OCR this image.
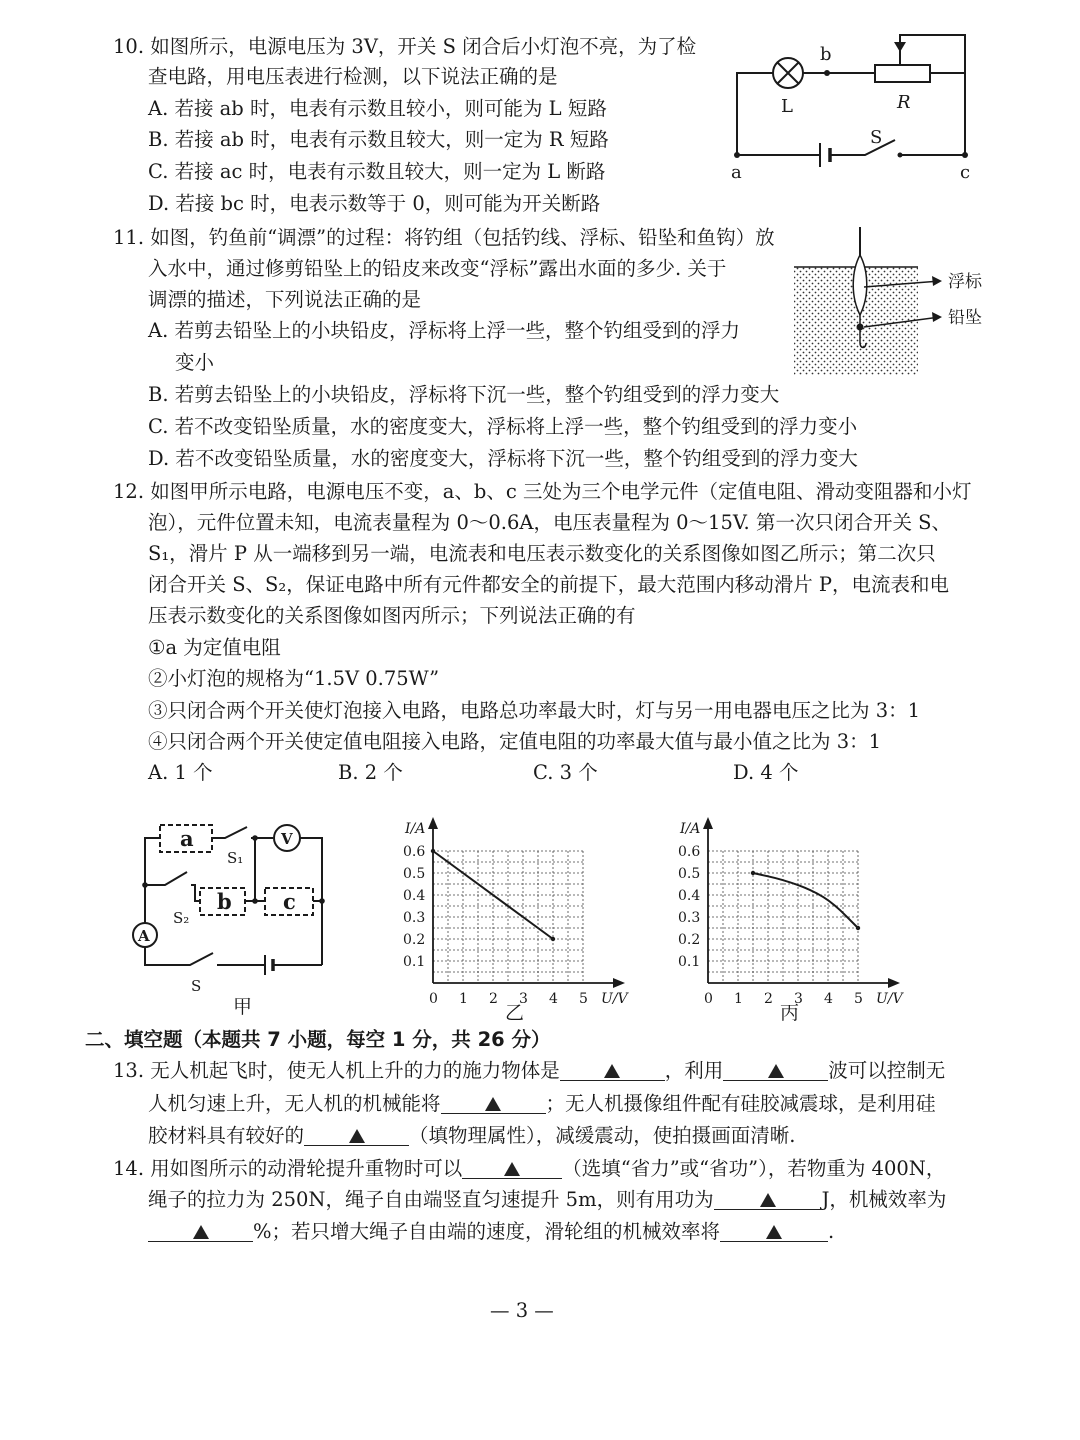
10. 如图所示，电源电压为 3V，开关 S 闭合后小灯泡不亮，为了检
查电路，用电压表进行检测，以下说法正确的是
A. 若接 ab 时，电表有示数且较小，则可能为 L 短路
B. 若接 ab 时，电表有示数且较大，则一定为 R 短路
C. 若接 ac 时，电表有示数且较大，则一定为 L 断路
D. 若接 bc 时，电表示数等于 0，则可能为开关断路
b
L	R
S
a	c
11. 如图，钓鱼前“调漂”的过程：将钓组（包括钓线、浮标、铅坠和鱼钩）放
入水中，通过修剪铅坠上的铅皮来改变“浮标”露出水面的多少. 关于
调漂的描述，下列说法正确的是
A. 若剪去铅坠上的小块铅皮，浮标将上浮一些，整个钓组受到的浮力
变小
B. 若剪去铅坠上的小块铅皮，浮标将下沉一些，整个钓组受到的浮力变大
C. 若不改变铅坠质量，水的密度变大，浮标将上浮一些，整个钓组受到的浮力变小
D. 若不改变铅坠质量，水的密度变大，浮标将下沉一些，整个钓组受到的浮力变大
浮标
铅坠
12. 如图甲所示电路，电源电压不变，a、b、c 三处为三个电学元件（定值电阻、滑动变阻器和小灯
泡），元件位置未知，电流表量程为 0～0.6A，电压表量程为 0～15V. 第一次只闭合开关 S、
S₁，滑片 P 从一端移到另一端，电流表和电压表示数变化的关系图像如图乙所示；第二次只
闭合开关 S、S₂，保证电路中所有元件都安全的前提下，最大范围内移动滑片 P，电流表和电
压表示数变化的关系图像如图丙所示；下列说法正确的有
①a 为定值电阻
②小灯泡的规格为“1.5V 0.75W”
③只闭合两个开关使灯泡接入电路，电路总功率最大时，灯与另一用电器电压之比为 3：1
④只闭合两个开关使定值电阻接入电路，定值电阻的功率最大值与最小值之比为 3：1
A. 1 个	B. 2 个	C. 3 个	D. 4 个
a
b c
V
A
S₁
S₂
S
甲	0 1 2 3 4 5
0.1
0.2
0.3
0.4
0.5
0.6
I/A
U/V
乙
0 1 2 3 4 5
0.1
0.2
0.3
0.4
0.5
0.6
I/A
U/V
丙
二、填空题（本题共 7 小题，每空 1 分，共 26 分）
13. 无人机起飞时，使无人机上升的力的施力物体是	，利用	波可以控制无
人机匀速上升，无人机的机械能将	；无人机摄像组件配有硅胶减震球，是利用硅
胶材料具有较好的	（填物理属性），减缓震动，使拍摄画面清晰.
14. 用如图所示的动滑轮提升重物时可以	（选填“省力”或“省功”），若物重为 400N，
绳子的拉力为 250N，绳子自由端竖直匀速提升 5m，则有用功为	J，机械效率为
%；若只增大绳子自由端的速度，滑轮组的机械效率将	.
— 3 —
